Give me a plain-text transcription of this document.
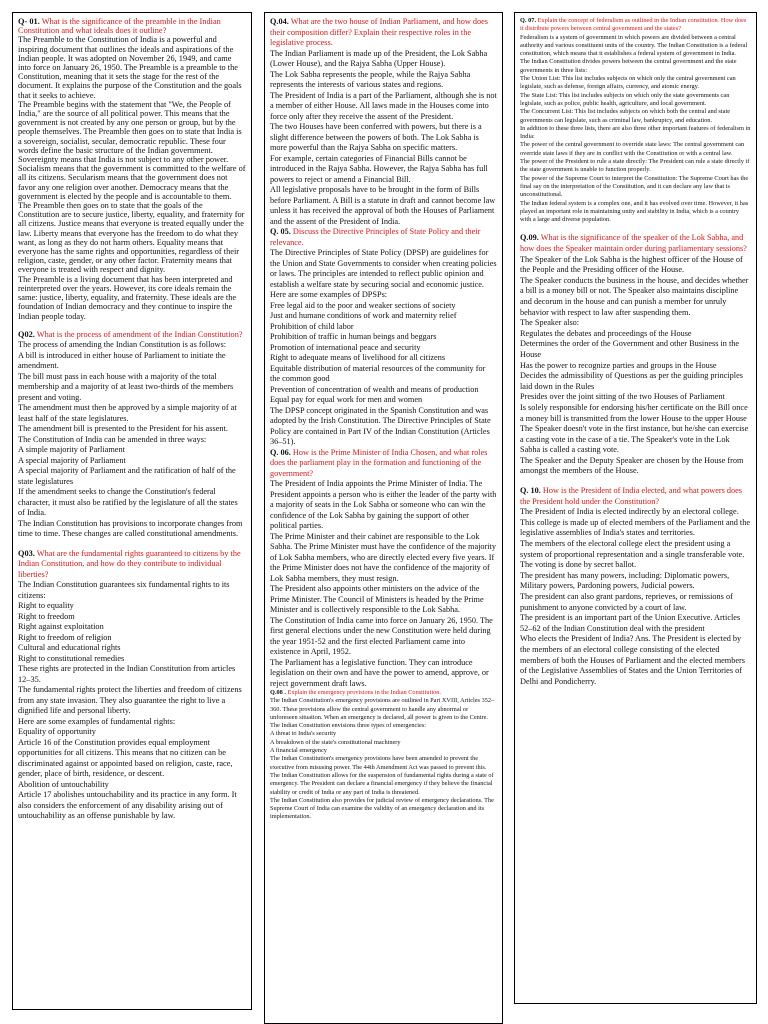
Q- 01. What is the significance of the preamble in the Indian Constitution and what ideals does it outline?

The Preamble to the Constitution of India is a powerful and inspiring document that outlines the ideals and aspirations of the Indian people. It was adopted on November 26, 1949, and came into force on January 26, 1950. The Preamble is a preamble to the Constitution, meaning that it sets the stage for the rest of the document. It explains the purpose of the Constitution and the goals that it seeks to achieve.

The Preamble begins with the statement that "We, the People of India," are the source of all political power. This means that the government is not created by any one person or group, but by the people themselves. The Preamble then goes on to state that India is a sovereign, socialist, secular, democratic republic. These four words define the basic structure of the Indian government.

Sovereignty means that India is not subject to any other power. Socialism means that the government is committed to the welfare of all its citizens. Secularism means that the government does not favor any one religion over another. Democracy means that the government is elected by the people and is accountable to them.

The Preamble then goes on to state that the goals of the Constitution are to secure justice, liberty, equality, and fraternity for all citizens. Justice means that everyone is treated equally under the law. Liberty means that everyone has the freedom to do what they want, as long as they do not harm others. Equality means that everyone has the same rights and opportunities, regardless of their religion, caste, gender, or any other factor. Fraternity means that everyone is treated with respect and dignity.

The Preamble is a living document that has been interpreted and reinterpreted over the years. However, its core ideals remain the same: justice, liberty, equality, and fraternity. These ideals are the foundation of Indian democracy and they continue to inspire the Indian people today.

Q02. What is the process of amendment of the Indian Constitution?

The process of amending the Indian Constitution is as follows:

A bill is introduced in either house of Parliament to initiate the amendment.

The bill must pass in each house with a majority of the total membership and a majority of at least two-thirds of the members present and voting.

The amendment must then be approved by a simple majority of at least half of the state legislatures.

The amendment bill is presented to the President for his assent.

The Constitution of India can be amended in three ways:

A simple majority of Parliament

A special majority of Parliament

A special majority of Parliament and the ratification of half of the state legislatures

If the amendment seeks to change the Constitution's federal character, it must also be ratified by the legislature of all the states of India.

The Indian Constitution has provisions to incorporate changes from time to time. These changes are called constitutional amendments.

Q03. What are the fundamental rights guaranteed to citizens by the Indian Constitution, and how do they contribute to individual liberties?

The Indian Constitution guarantees six fundamental rights to its citizens:

Right to equality

Right to freedom

Right against exploitation

Right to freedom of religion

Cultural and educational rights

Right to constitutional remedies

These rights are protected in the Indian Constitution from articles 12–35.

The fundamental rights protect the liberties and freedom of citizens from any state invasion. They also guarantee the right to live a dignified life and personal liberty.

Here are some examples of fundamental rights:

Equality of opportunity

Article 16 of the Constitution provides equal employment opportunities for all citizens. This means that no citizen can be discriminated against or appointed based on religion, caste, race, gender, place of birth, residence, or descent.

Abolition of untouchability

Article 17 abolishes untouchability and its practice in any form. It also considers the enforcement of any disability arising out of untouchability as an offense punishable by law.

Q.04. What are the two house of Indian Parliament, and how does their composition differ? Explain their respective roles in the legislative process.

The Indian Parliament is made up of the President, the Lok Sabha (Lower House), and the Rajya Sabha (Upper House).

The Lok Sabha represents the people, while the Rajya Sabha represents the interests of various states and regions.

The President of India is a part of the Parliament, although she is not a member of either House. All laws made in the Houses come into force only after they receive the assent of the President.

The two Houses have been conferred with powers, but there is a slight difference between the powers of both. The Lok Sabha is more powerful than the Rajya Sabha on specific matters.

For example, certain categories of Financial Bills cannot be introduced in the Rajya Sabha. However, the Rajya Sabha has full powers to reject or amend a Financial Bill.

All legislative proposals have to be brought in the form of Bills before Parliament. A Bill is a statute in draft and cannot become law unless it has received the approval of both the Houses of Parliament and the assent of the President of India.

Q. 05. Discuss the Directive Principles of State Policy and their relevance.

The Directive Principles of State Policy (DPSP) are guidelines for the Union and State Governments to consider when creating policies or laws. The principles are intended to reflect public opinion and establish a welfare state by securing social and economic justice.

Here are some examples of DPSPs:

Free legal aid to the poor and weaker sections of society

Just and humane conditions of work and maternity relief

Prohibition of child labor

Prohibition of traffic in human beings and beggars

Promotion of international peace and security

Right to adequate means of livelihood for all citizens

Equitable distribution of material resources of the community for the common good

Prevention of concentration of wealth and means of production

Equal pay for equal work for men and women

The DPSP concept originated in the Spanish Constitution and was adopted by the Irish Constitution. The Directive Principles of State Policy are contained in Part IV of the Indian Constitution (Articles 36–51).

Q. 06. How is the Prime Minister of India Chosen, and what roles does the parliament play in the formation and functioning of the government?

The President of India appoints the Prime Minister of India. The President appoints a person who is either the leader of the party with a majority of seats in the Lok Sabha or someone who can win the confidence of the Lok Sabha by gaining the support of other political parties.

The Prime Minister and their cabinet are responsible to the Lok Sabha. The Prime Minister must have the confidence of the majority of Lok Sabha members, who are directly elected every five years. If the Prime Minister does not have the confidence of the majority of Lok Sabha members, they must resign.

The President also appoints other ministers on the advice of the Prime Minister. The Council of Ministers is headed by the Prime Minister and is collectively responsible to the Lok Sabha.

The Constitution of India came into force on January 26, 1950. The first general elections under the new Constitution were held during the year 1951-52 and the first elected Parliament came into existence in April, 1952.

The Parliament has a legislative function. They can introduce legislation on their own and have the power to amend, approve, or reject government draft laws.

Q.08 . Explain the emergency provisions in the Indian Constitution.

The Indian Constitution's emergency provisions are outlined in Part XVIII, Articles 352–360. These provisions allow the central government to handle any abnormal or unforeseen situation. When an emergency is declared, all power is given to the Centre.

The Indian Constitution envisions three types of emergencies:

A threat to India's security

A breakdown of the state's constitutional machinery

A financial emergency

The Indian Constitution's emergency provisions have been amended to prevent the executive from misusing power. The 44th Amendment Act was passed to prevent this.

The Indian Constitution allows for the suspension of fundamental rights during a state of emergency. The President can declare a financial emergency if they believe the financial stability or credit of India or any part of India is threatened.

The Indian Constitution also provides for judicial review of emergency declarations. The Supreme Court of India can examine the validity of an emergency declaration and its implementation.

Q. 07. Explain the concept of federalism as outlined in the Indian constitution. How does it distribute powers between central government and the states?

Federalism is a system of government in which powers are divided between a central authority and various constituent units of the country. The Indian Constitution is a federal constitution, which means that it establishes a federal system of government in India.

The Indian Constitution divides powers between the central government and the state governments in three lists:

The Union List: This list includes subjects on which only the central government can legislate, such as defense, foreign affairs, currency, and atomic energy.

The State List: This list includes subjects on which only the state governments can legislate, such as police, public health, agriculture, and local government.

The Concurrent List: This list includes subjects on which both the central and state governments can legislate, such as criminal law, bankruptcy, and education.

In addition to these three lists, there are also three other important features of federalism in India:

The power of the central government to override state laws: The central government can override state laws if they are in conflict with the Constitution or with a central law.

The power of the President to rule a state directly: The President can rule a state directly if the state government is unable to function properly.

The power of the Supreme Court to interpret the Constitution: The Supreme Court has the final say on the interpretation of the Constitution, and it can declare any law that is unconstitutional.

The Indian federal system is a complex one, and it has evolved over time. However, it has played an important role in maintaining unity and stability in India, which is a country with a large and diverse population.

Q.09. What is the significance of the speaker of the Lok Sabha, and how does the Speaker maintain order during parliamentary sessions?

The Speaker of the Lok Sabha is the highest officer of the House of the People and the Presiding officer of the House.

The Speaker conducts the business in the house, and decides whether a bill is a money bill or not. The Speaker also maintains discipline and decorum in the house and can punish a member for unruly behavior with respect to law after suspending them.

The Speaker also:

Regulates the debates and proceedings of the House

Determines the order of the Government and other Business in the House

Has the power to recognize parties and groups in the House

Decides the admissibility of Questions as per the guiding principles laid down in the Rules

Presides over the joint sitting of the two Houses of Parliament

Is solely responsible for endorsing his/her certificate on the Bill once a money bill is transmitted from the lower House to the upper House

The Speaker doesn't vote in the first instance, but he/she can exercise a casting vote in the case of a tie. The Speaker's vote in the Lok Sabha is called a casting vote.

The Speaker and the Deputy Speaker are chosen by the House from amongst the members of the House.

Q. 10. How is the President of India elected, and what powers does the President hold under the Constitution?

The President of India is elected indirectly by an electoral college.

This college is made up of elected members of the Parliament and the legislative assemblies of India's states and territories.

The members of the electoral college elect the president using a system of proportional representation and a single transferable vote.

The voting is done by secret ballot.

The president has many powers, including: Diplomatic powers, Military powers, Pardoning powers, Judicial powers.

The president can also grant pardons, reprieves, or remissions of punishment to anyone convicted by a court of law.

The president is an important part of the Union Executive. Articles 52–62 of the Indian Constitution deal with the president

Who elects the President of India? Ans. The President is elected by the members of an electoral college consisting of the elected members of both the Houses of Parliament and the elected members of the Legislative Assemblies of States and the Union Territories of Delhi and Pondicherry.
